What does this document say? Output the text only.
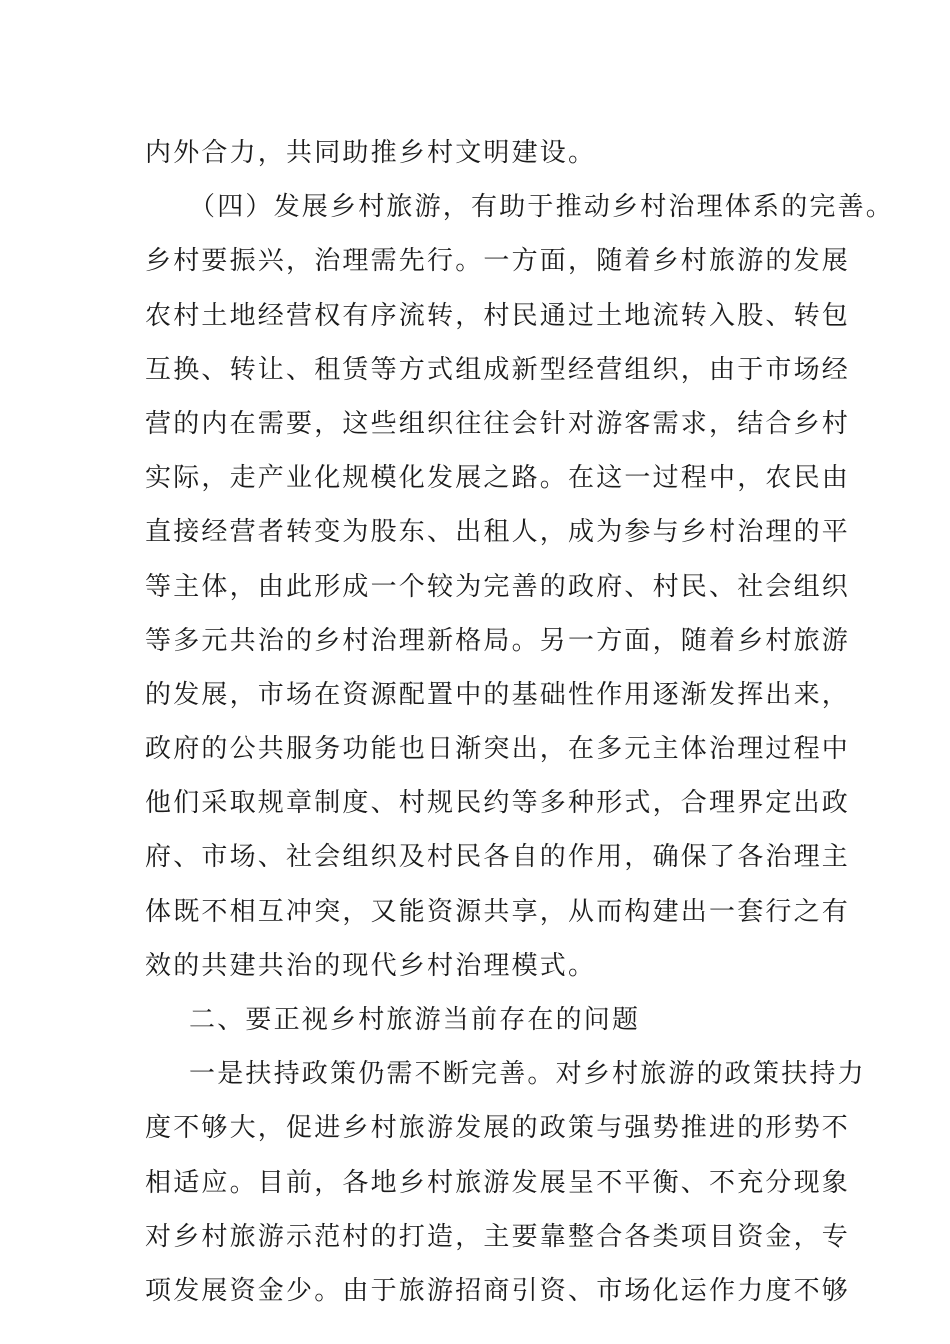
内外合力，共同助推乡村文明建设。
（四）发展乡村旅游，有助于推动乡村治理体系的完善。
乡村要振兴，治理需先行。一方面，随着乡村旅游的发展
农村土地经营权有序流转，村民通过土地流转入股、转包
互换、转让、租赁等方式组成新型经营组织，由于市场经
营的内在需要，这些组织往往会针对游客需求，结合乡村
实际，走产业化规模化发展之路。在这一过程中，农民由
直接经营者转变为股东、出租人，成为参与乡村治理的平
等主体，由此形成一个较为完善的政府、村民、社会组织
等多元共治的乡村治理新格局。另一方面，随着乡村旅游
的发展，市场在资源配置中的基础性作用逐渐发挥出来，
政府的公共服务功能也日渐突出，在多元主体治理过程中
他们采取规章制度、村规民约等多种形式，合理界定出政
府、市场、社会组织及村民各自的作用，确保了各治理主
体既不相互冲突，又能资源共享，从而构建出一套行之有
效的共建共治的现代乡村治理模式。
二、要正视乡村旅游当前存在的问题
一是扶持政策仍需不断完善。对乡村旅游的政策扶持力
度不够大，促进乡村旅游发展的政策与强势推进的形势不
相适应。目前，各地乡村旅游发展呈不平衡、不充分现象
对乡村旅游示范村的打造，主要靠整合各类项目资金，专
项发展资金少。由于旅游招商引资、市场化运作力度不够
